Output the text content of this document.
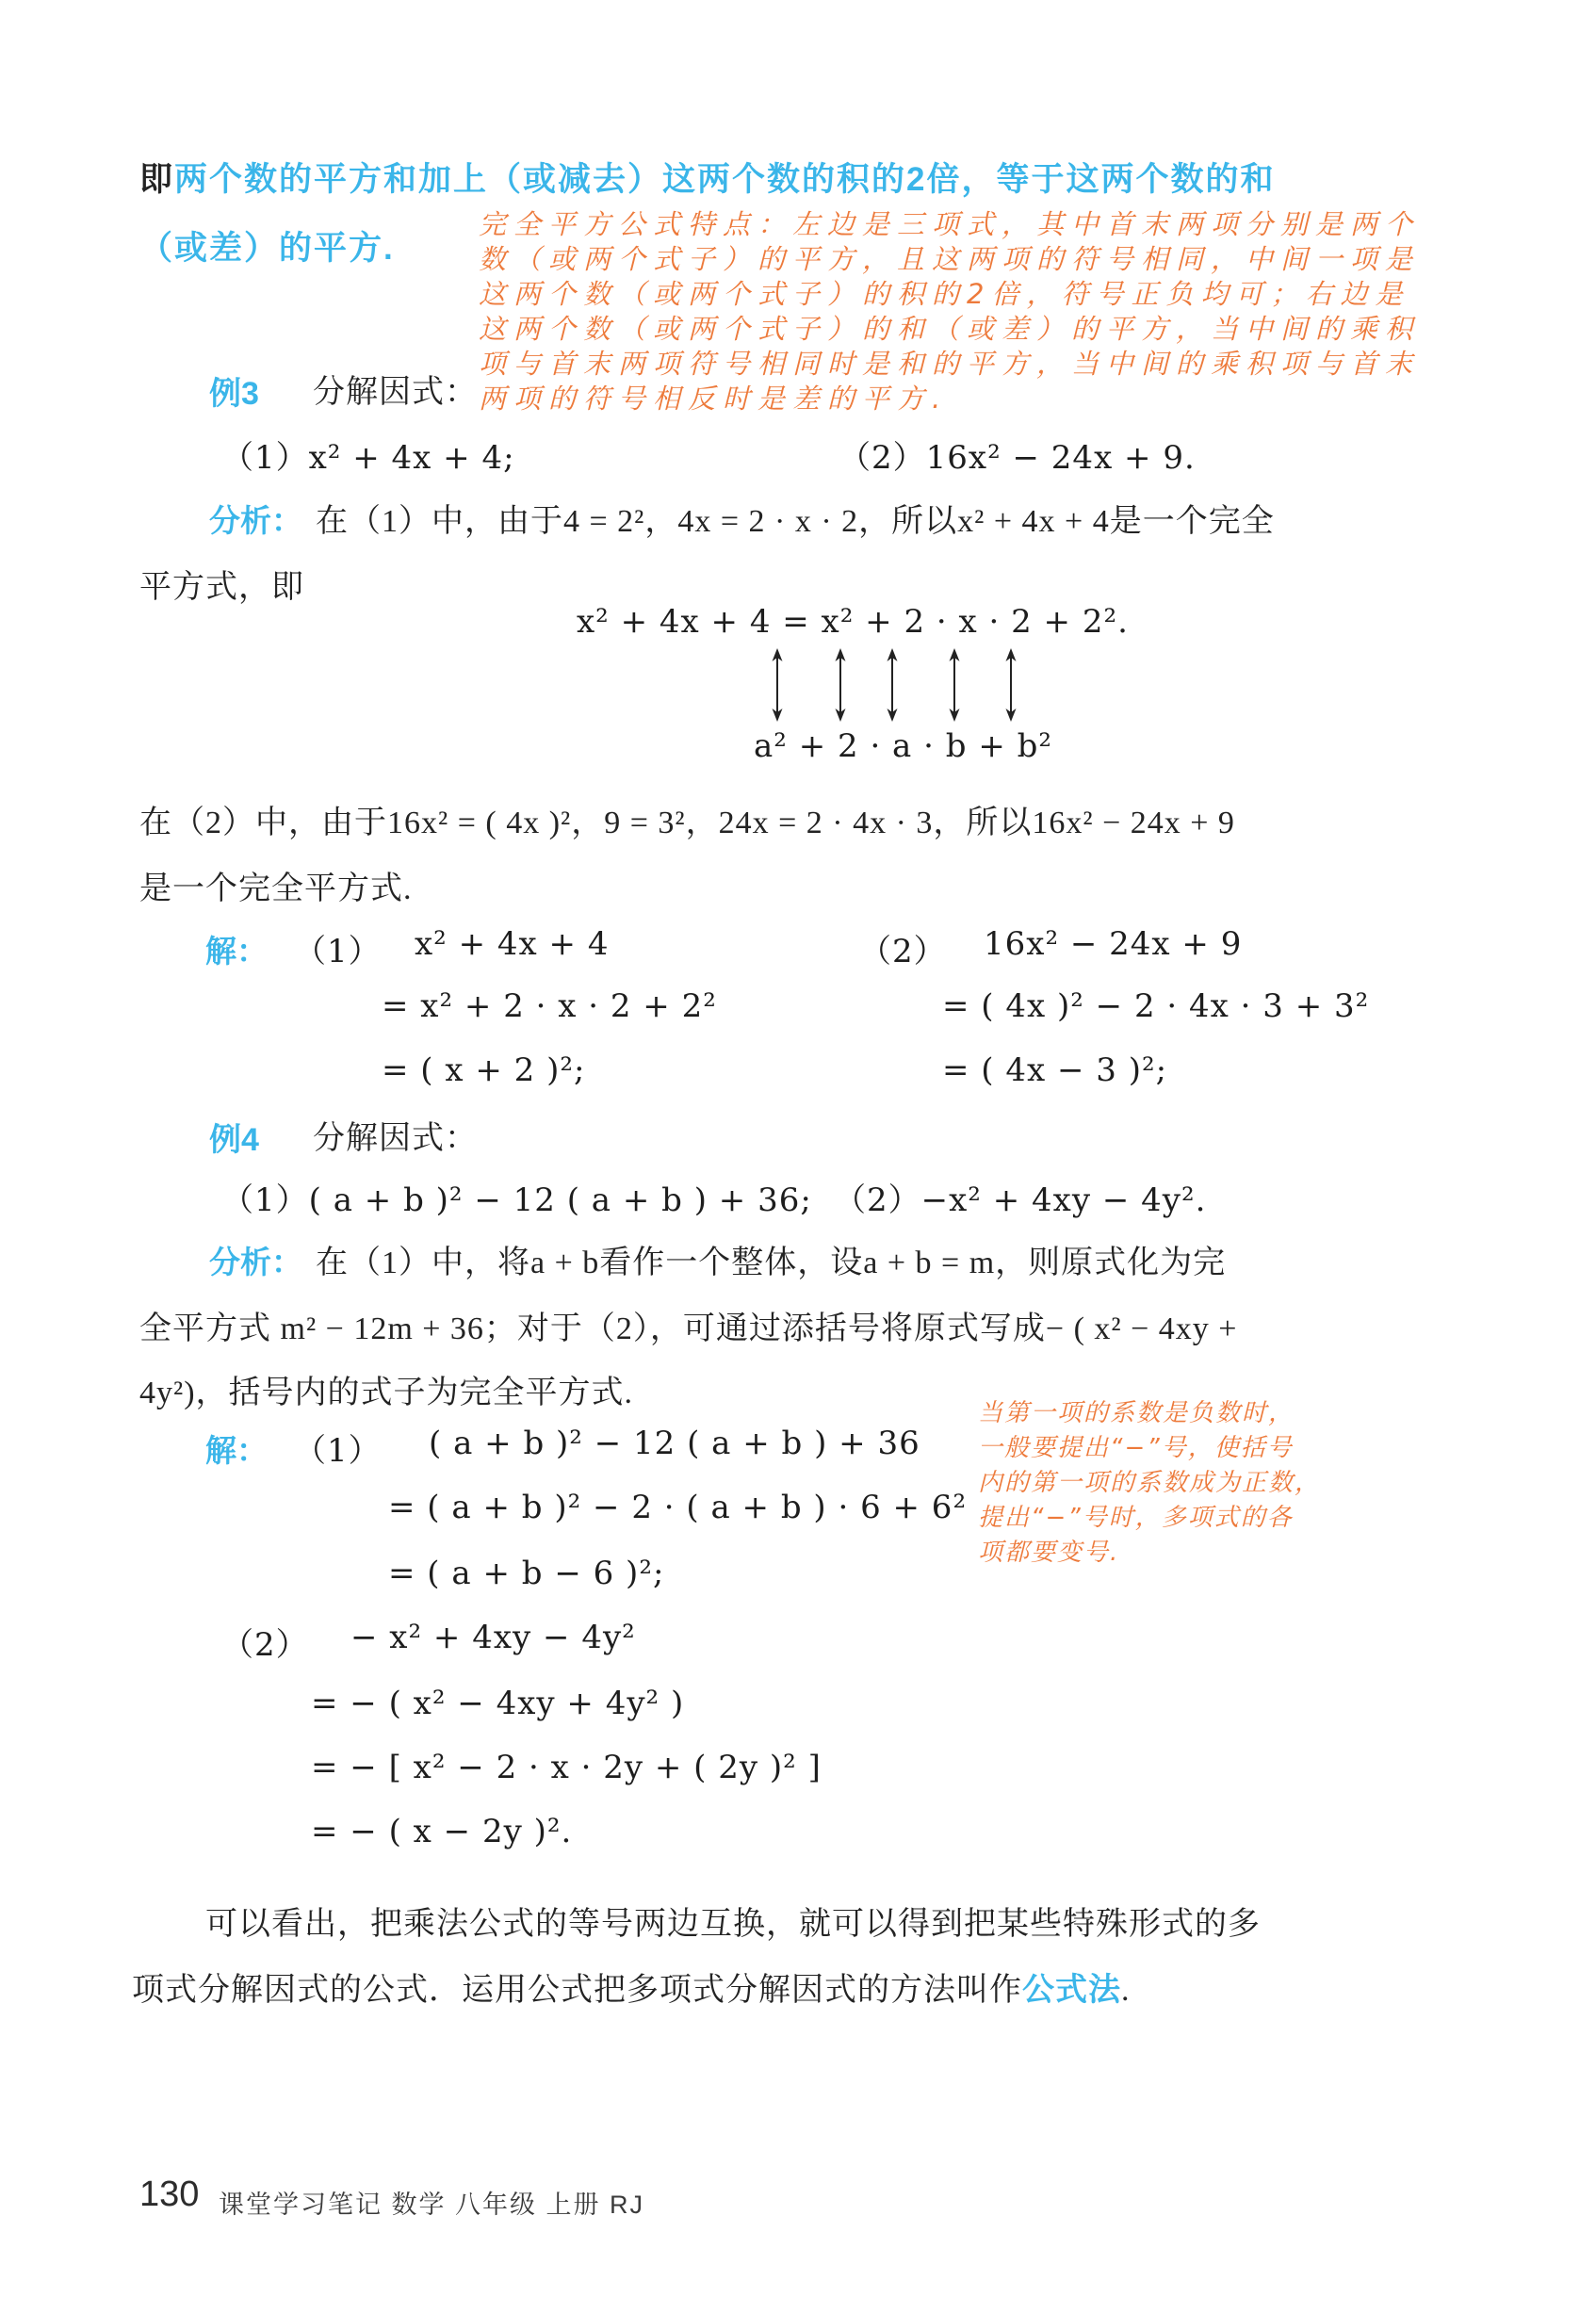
即两个数的平方和加上（或减去）这两个数的积的2倍，等于这两个数的和
（或差）的平方.
完全平方公式特点：左边是三项式，其中首末两项分别是两个
数（或两个式子）的平方，且这两项的符号相同，中间一项是
这两个数（或两个式子）的积的2倍，符号正负均可；右边是
这两个数（或两个式子）的和（或差）的平方，当中间的乘积
项与首末两项符号相同时是和的平方，当中间的乘积项与首末
两项的符号相反时是差的平方.
例3 分解因式：
（1）x² + 4x + 4;	（2）16x² − 24x + 9.
分析： 在（1）中，由于4 = 2²，4x = 2 · x · 2，所以x² + 4x + 4是一个完全
平方式，即
x² + 4x + 4 = x² + 2 · x · 2 + 2².
a² + 2 · a · b + b²
在（2）中，由于16x² = ( 4x )²，9 = 3²，24x = 2 · 4x · 3，所以16x² − 24x + 9
是一个完全平方式.
解： （1） x² + 4x + 4	（2） 16x² − 24x + 9
= x² + 2 · x · 2 + 2²	= ( 4x )² − 2 · 4x · 3 + 3²
= ( x + 2 )²;	= ( 4x − 3 )²;
例4 分解因式：
（1）( a + b )² − 12 ( a + b ) + 36; （2）−x² + 4xy − 4y².
分析： 在（1）中，将a + b看作一个整体，设a + b = m，则原式化为完
全平方式 m² − 12m + 36；对于（2），可通过添括号将原式写成− ( x² − 4xy +
4y²)，括号内的式子为完全平方式.
解： （1） ( a + b )² − 12 ( a + b ) + 36
当第一项的系数是负数时，
一般要提出“−”号，使括号
内的第一项的系数成为正数，
提出“−”号时，多项式的各
项都要变号.
= ( a + b )² − 2 · ( a + b ) · 6 + 6²
= ( a + b − 6 )²;
（2） − x² + 4xy − 4y²
= − ( x² − 4xy + 4y² )
= − [ x² − 2 · x · 2y + ( 2y )² ]
= − ( x − 2y )².
可以看出，把乘法公式的等号两边互换，就可以得到把某些特殊形式的多
项式分解因式的公式．运用公式把多项式分解因式的方法叫作公式法.
130 课堂学习笔记 数学 八年级 上册 RJ
